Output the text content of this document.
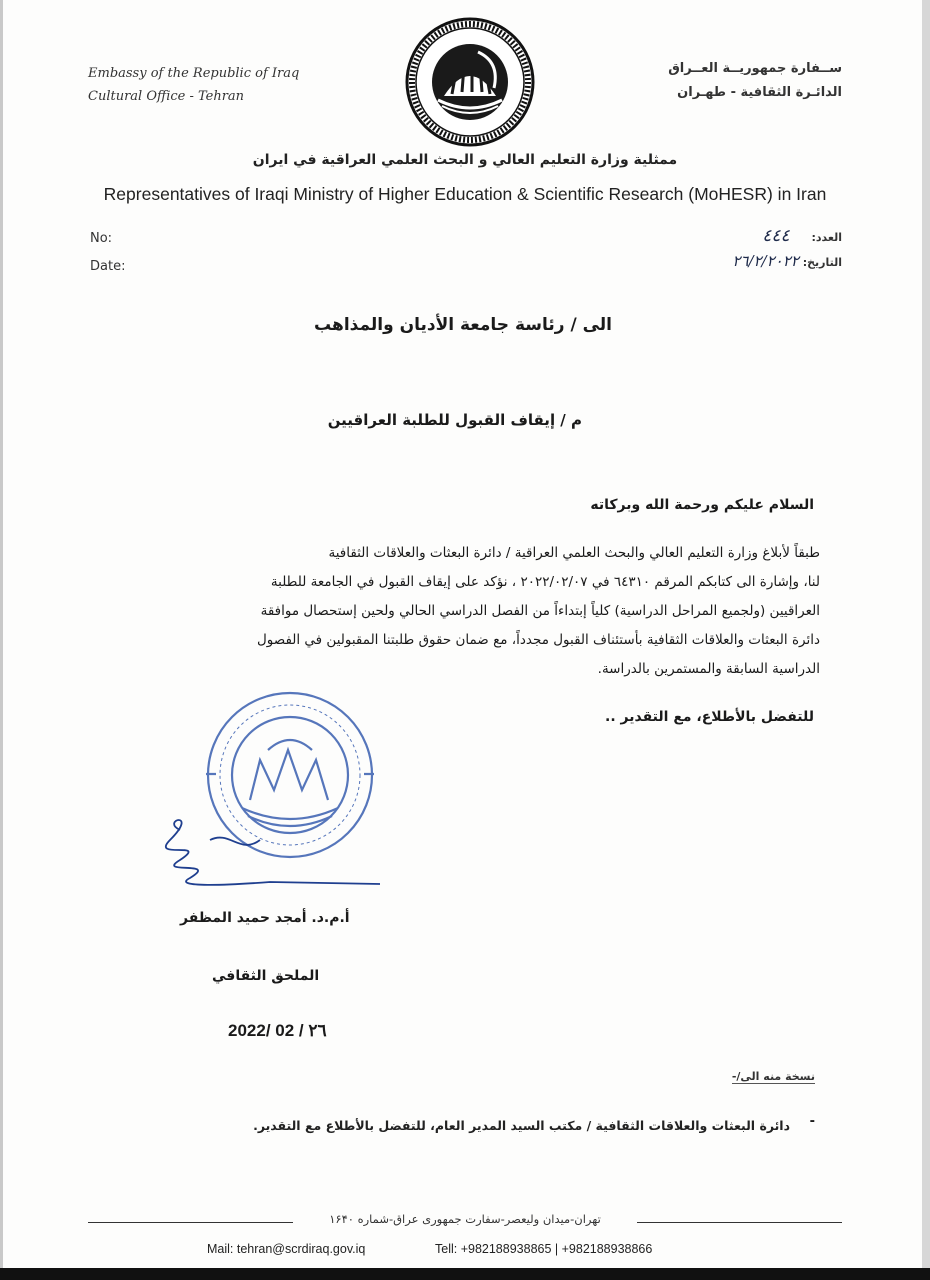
Embassy of the Republic of Iraq
Cultural Office - Tehran
ســفارة جمهوريــة العــراق
الدائـرة الثقافية - طهـران
ممثلية وزارة التعليم العالي و البحث العلمي العراقية في ايران
Representatives of Iraqi Ministry of Higher Education & Scientific Research (MoHESR) in Iran
No:
Date:
العدد: ٤٤٤
التاريخ: ٢٦/٢/٢٠٢٢
الى / رئاسة جامعة الأديان والمذاهب
م / إيقاف القبول للطلبة العراقيين
السلام عليكم ورحمة الله وبركاته
طبقاً لأبلاغ وزارة التعليم العالي والبحث العلمي العراقية / دائرة البعثات والعلاقات الثقافية
لنا، وإشارة الى كتابكم المرقم ٦٤٣١٠ في ٢٠٢٢/٠٢/٠٧ ، نؤكد على إيقاف القبول في الجامعة للطلبة
العراقيين (ولجميع المراحل الدراسية) كلياً إبتداءاً من الفصل الدراسي الحالي ولحين إستحصال موافقة
دائرة البعثات والعلاقات الثقافية بأستئناف القبول مجدداً، مع ضمان حقوق طلبتنا المقبولين في الفصول
الدراسية السابقة والمستمرين بالدراسة.
للتفضل بالأطلاع، مع التقدير ..
أ.م.د. أمجد حميد المظفر
الملحق الثقافي
2022/ 02 / ٢٦
نسخة منه الى/-
-
دائرة البعثات والعلاقات الثقافية / مكتب السيد المدير العام، للتفضل بالأطلاع مع التقدير.
تهران-ميدان وليعصر-سفارت جمهوری عراق-شماره ۱۶۴۰
Mail: tehran@scrdiraq.gov.iq	Tell: +982188938865 | +982188938866
